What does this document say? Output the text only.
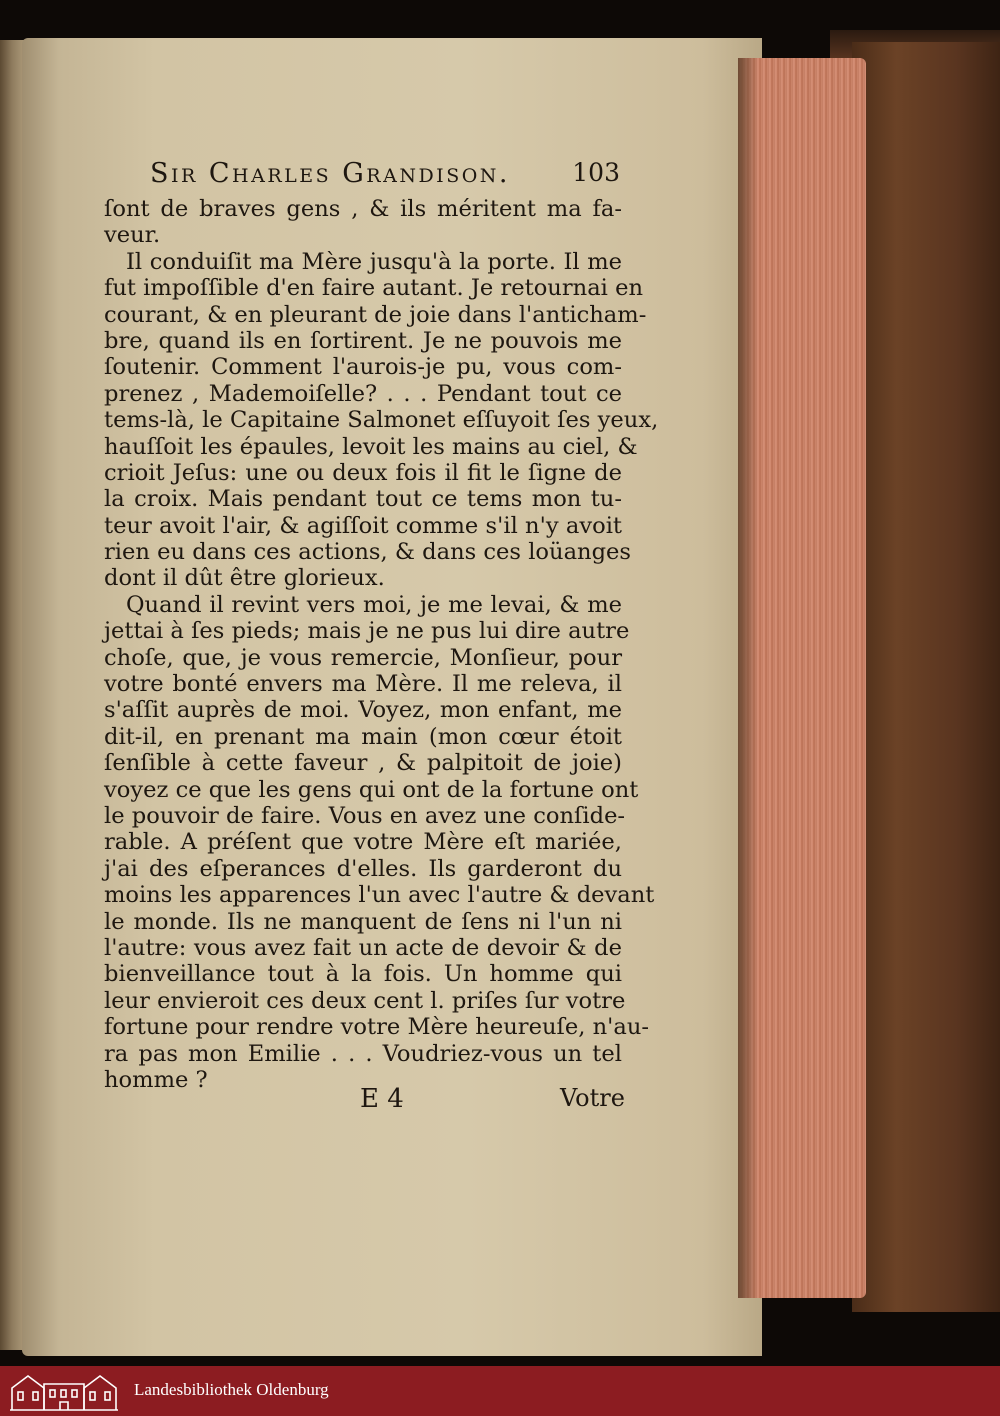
Sir Charles Grandison. 103
ſont de braves gens , & ils méritent ma fa-
veur.
Il conduiſit ma Mère jusqu'à la porte. Il me
fut impoſſible d'en faire autant. Je retournai en
courant, & en pleurant de joie dans l'anticham-
bre, quand ils en ſortirent. Je ne pouvois me
ſoutenir. Comment l'aurois-je pu, vous com-
prenez , Mademoiſelle? . . . Pendant tout ce
tems-là, le Capitaine Salmonet eſſuyoit ſes yeux,
hauſſoit les épaules, levoit les mains au ciel, &
crioit Jeſus: une ou deux fois il fit le ſigne de
la croix. Mais pendant tout ce tems mon tu-
teur avoit l'air, & agiſſoit comme s'il n'y avoit
rien eu dans ces actions, & dans ces loüanges
dont il dût être glorieux.
Quand il revint vers moi, je me levai, & me
jettai à ſes pieds; mais je ne pus lui dire autre
choſe, que, je vous remercie, Monſieur, pour
votre bonté envers ma Mère. Il me releva, il
s'aſſit auprès de moi. Voyez, mon enfant, me
dit-il, en prenant ma main (mon cœur étoit
ſenſible à cette faveur , & palpitoit de joie)
voyez ce que les gens qui ont de la fortune ont
le pouvoir de faire. Vous en avez une conſide-
rable. A préſent que votre Mère eſt mariée,
j'ai des eſperances d'elles. Ils garderont du
moins les apparences l'un avec l'autre & devant
le monde. Ils ne manquent de ſens ni l'un ni
l'autre: vous avez fait un acte de devoir & de
bienveillance tout à la fois. Un homme qui
leur envieroit ces deux cent l. priſes ſur votre
fortune pour rendre votre Mère heureuſe, n'au-
ra pas mon Emilie . . . Voudriez-vous un tel
homme ?
E 4	Votre
Landesbibliothek Oldenburg
